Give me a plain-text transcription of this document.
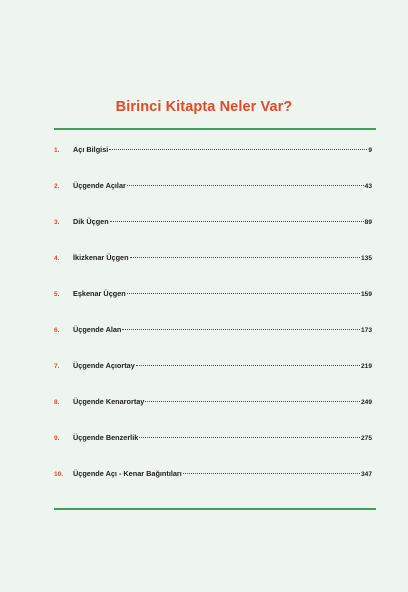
Birinci Kitapta Neler Var?
1.	Açı Bilgisi	9
2.	Üçgende Açılar	43
3.	Dik Üçgen	89
4.	İkizkenar Üçgen	135
5.	Eşkenar Üçgen	159
6.	Üçgende Alan	173
7.	Üçgende Açıortay	219
8.	Üçgende Kenarortay	249
9.	Üçgende Benzerlik	275
10.	Üçgende Açı - Kenar Bağıntıları	347
